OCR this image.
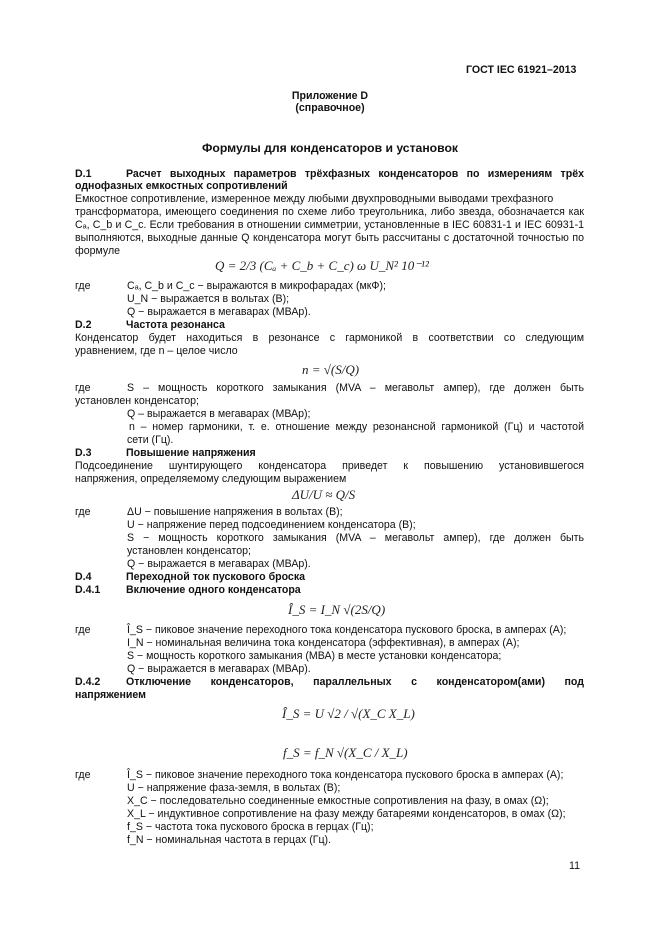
ГОСТ IEC 61921–2013
Приложение D
(справочное)
Формулы для конденсаторов и установок
D.1	Расчет выходных параметров трёхфазных конденсаторов по измерениям трёх
однофазных емкостных сопротивлений
Емкостное сопротивление, измеренное между любыми двухпроводными выводами трехфазного
трансформатора, имеющего соединения по схеме либо треугольника, либо звезда, обозначается как
Cₐ, C_b и C_c. Если требования в отношении симметрии, установленные в IEC 60831-1 и IEC 60931-1
выполняются, выходные данные Q конденсатора могут быть рассчитаны с достаточной точностью по
формуле
Q = 2/3 (Cₐ + C_b + C_c) ω U_N² 10⁻¹²
где	Cₐ, C_b и C_c − выражаются в микрофарадах (мкФ);
U_N − выражается в вольтах (В);
Q − выражается в мегаварах (МВАр).
D.2	Частота резонанса
Конденсатор будет находиться в резонансе с гармоникой в соответствии со следующим
уравнением, где n – целое число
n = √(S/Q)
где	S – мощность короткого замыкания (MVA – мегавольт ампер), где должен быть
установлен конденсатор;
Q – выражается в мегаварах (МВАр);
n – номер гармоники, т. е. отношение между резонансной гармоникой (Гц) и частотой
сети (Гц).
D.3	Повышение напряжения
Подсоединение шунтирующего конденсатора приведет к повышению установившегося
напряжения, определяемому следующим выражением
ΔU/U ≈ Q/S
где	ΔU − повышение напряжения в вольтах (В);
U − напряжение перед подсоединением конденсатора (В);
S − мощность короткого замыкания (MVA – мегавольт ампер), где должен быть
установлен конденсатор;
Q − выражается в мегаварах (МВАр).
D.4	Переходной ток пускового броска
D.4.1 Включение одного конденсатора
Î_S = I_N √(2S/Q)
где	Î_S − пиковое значение переходного тока конденсатора пускового броска, в амперах (A);
I_N − номинальная величина тока конденсатора (эффективная), в амперах (A);
S − мощность короткого замыкания (МВА) в месте установки конденсатора;
Q − выражается в мегаварах (МВАр).
D.4.2 Отключение конденсаторов, параллельных с конденсатором(ами) под
напряжением
Î_S = U √2 / √(X_C X_L)
f_S = f_N √(X_C / X_L)
где	Î_S − пиковое значение переходного тока конденсатора пускового броска в амперах (A);
U − напряжение фаза-земля, в вольтах (В);
X_C − последовательно соединенные емкостные сопротивления на фазу, в омах (Ω);
X_L − индуктивное сопротивление на фазу между батареями конденсаторов, в омах (Ω);
f_S − частота тока пускового броска в герцах (Гц);
f_N − номинальная частота в герцах (Гц).
11
